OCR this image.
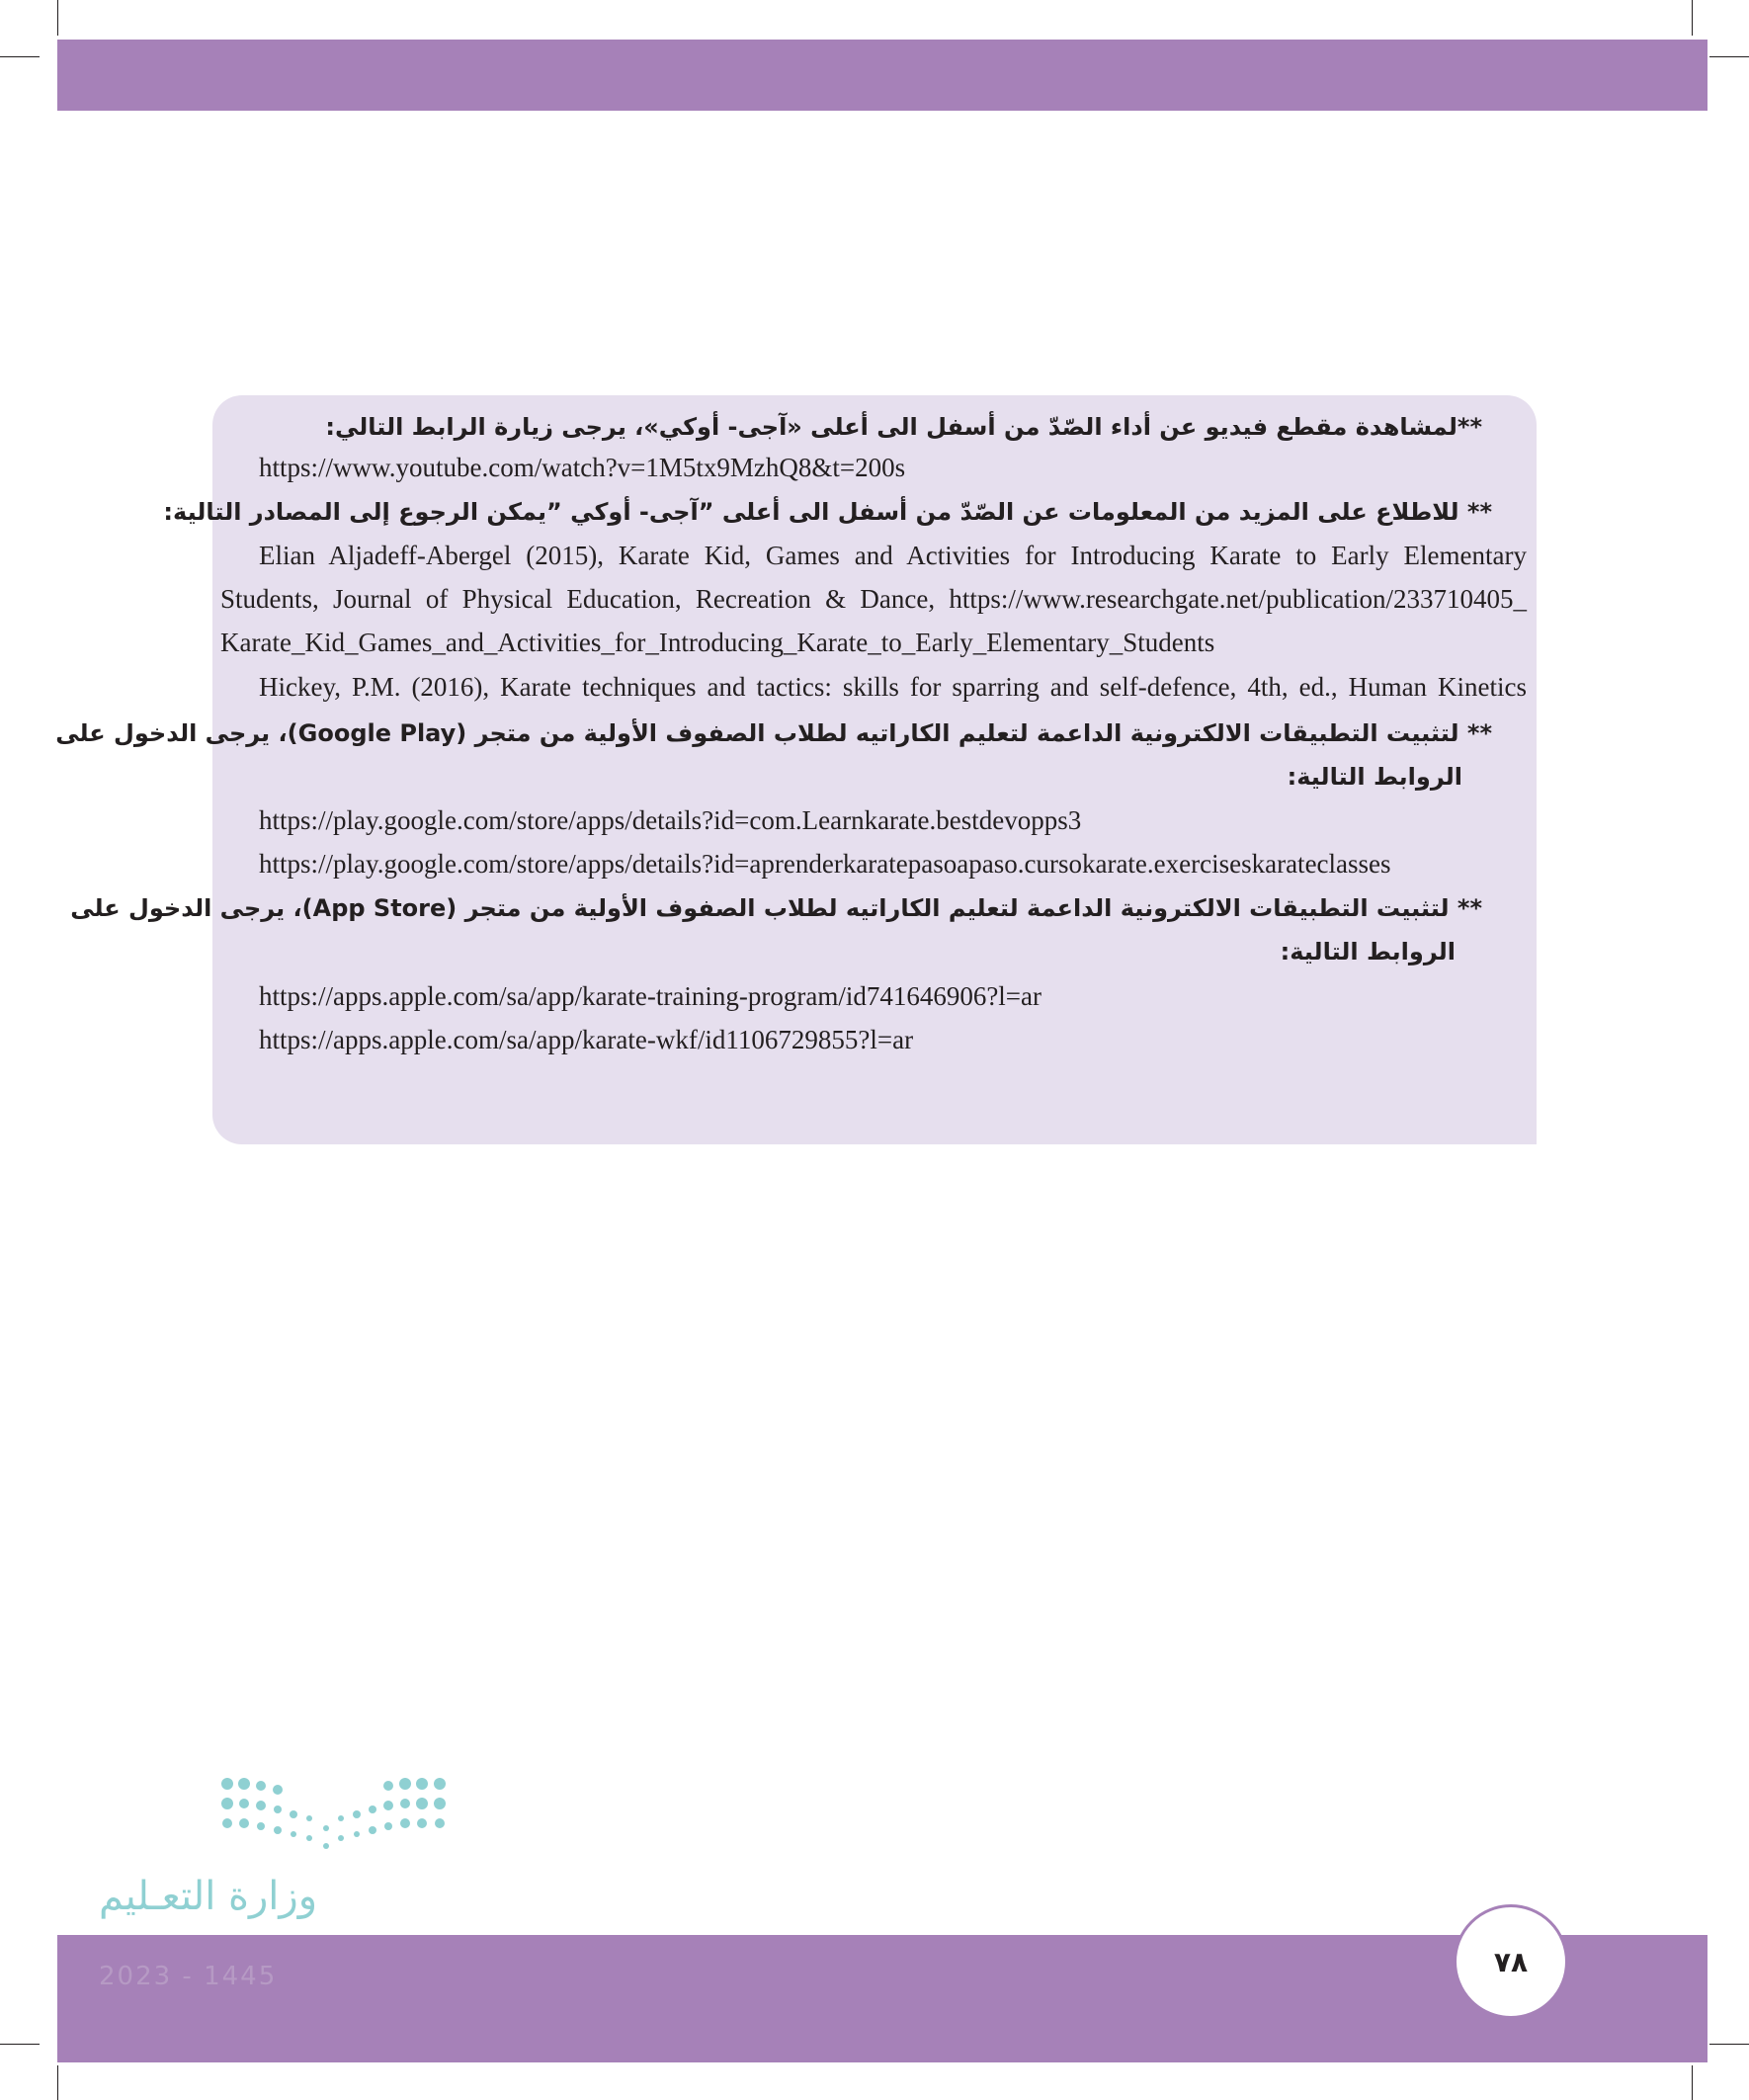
**لمشاهدة مقطع فيديو عن أداء الصّدّ من أسفل الى أعلى «آجى- أوكي»، يرجى زيارة الرابط التالي:
https://www.youtube.com/watch?v=1M5tx9MzhQ8&t=200s
** للاطلاع على المزيد من المعلومات عن الصّدّ من أسفل الى أعلى ”آجى- أوكي ”يمكن الرجوع إلى المصادر التالية:
Elian Aljadeff-Abergel (2015), Karate Kid, Games and Activities for Introducing Karate to Early Elementary
Students, Journal of Physical Education, Recreation & Dance, https://www.researchgate.net/publication/233710405_
Karate_Kid_Games_and_Activities_for_Introducing_Karate_to_Early_Elementary_Students
Hickey, P.M. (2016), Karate techniques and tactics: skills for sparring and self-defence, 4th, ed., Human Kinetics
** لتثبيت التطبيقات الالكترونية الداعمة لتعليم الكاراتيه لطلاب الصفوف الأولية من متجر (Google Play)، يرجى الدخول على
الروابط التالية:
https://play.google.com/store/apps/details?id=com.Learnkarate.bestdevopps3
https://play.google.com/store/apps/details?id=aprenderkaratepasoapaso.cursokarate.exerciseskarateclasses
** لتثبيت التطبيقات الالكترونية الداعمة لتعليم الكاراتيه لطلاب الصفوف الأولية من متجر (App Store)، يرجى الدخول على
الروابط التالية:
https://apps.apple.com/sa/app/karate-training-program/id741646906?l=ar
https://apps.apple.com/sa/app/karate-wkf/id1106729855?l=ar
وزارة التعـليم
2023 - 1445	٧٨
